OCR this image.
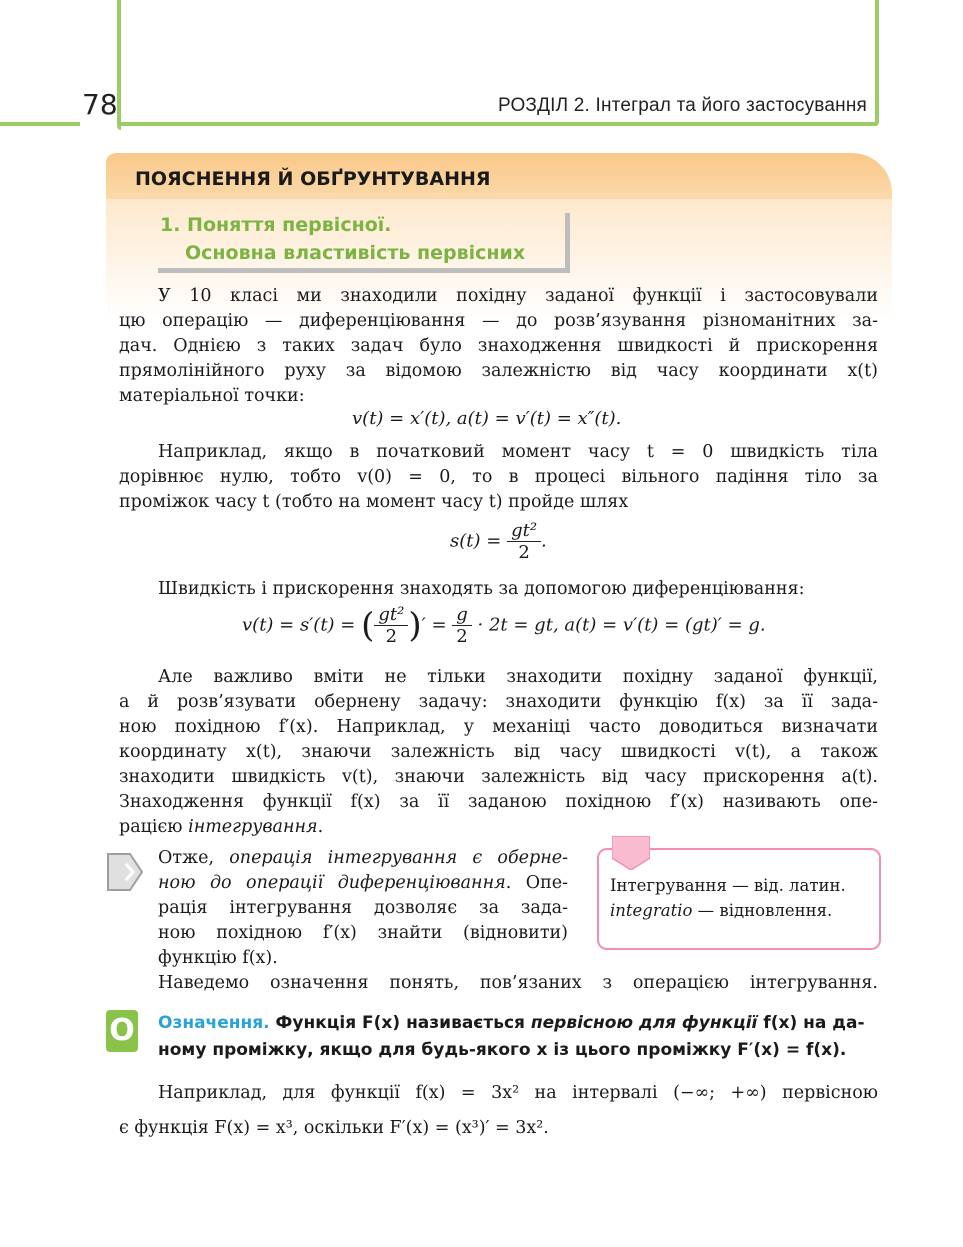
78	РОЗДІЛ 2. Інтеграл та його застосування
ПОЯСНЕННЯ Й ОБҐРУНТУВАННЯ
1. Поняття первісної.
Основна властивість первісних
У 10 класі ми знаходили похідну заданої функції і застосовували
цю операцію — диференціювання — до розв’язування різноманітних за-
дач. Однією з таких задач було знаходження швидкості й прискорення
прямолінійного руху за відомою залежністю від часу координати x(t)
матеріальної точки:
v(t) = x′(t), a(t) = v′(t) = x″(t).
Наприклад, якщо в початковий момент часу t = 0 швидкість тіла
дорівнює нулю, тобто v(0) = 0, то в процесі вільного падіння тіло за
проміжок часу t (тобто на момент часу t) пройде шлях
$s(t) = \frac{\text{gt²}}{2}$ .
Швидкість і прискорення знаходять за допомогою диференціювання:
v(t) = s′(t) = ( $\frac{\text{gt²}}{2}$ )′ = $\frac{g}{2} \cdot 2t$ = gt, a(t) = v′(t) = (gt)′ = g.
Але важливо вміти не тільки знаходити похідну заданої функції,
а й розв’язувати обернену задачу: знаходити функцію f(x) за її зада-
ною похідною f′(x). Наприклад, у механіці часто доводиться визначати
координату x(t), знаючи залежність від часу швидкості v(t), а також
знаходити швидкість v(t), знаючи залежність від часу прискорення a(t).
Знаходження функції f(x) за її заданою похідною f′(x) називають опе-
рацією інтегрування.
Отже, операція інтегрування є оберне-
ною до операції диференціювання. Опе-
рація інтегрування дозволяє за зада-
ною похідною f′(x) знайти (відновити)
функцію f(x).
Інтегрування — від. латин.
integratio — відновлення.
Наведемо означення понять, пов’язаних з операцією інтегрування.
О Означення. Функція F(x) називається первісною для функції f(x) на да-
ному проміжку, якщо для будь-якого x із цього проміжку F′(x) = f(x).
Наприклад, для функції f(x) = 3x² на інтервалі (−∞; +∞) первісною
є функція F(x) = x³, оскільки F′(x) = (x³)′ = 3x².
